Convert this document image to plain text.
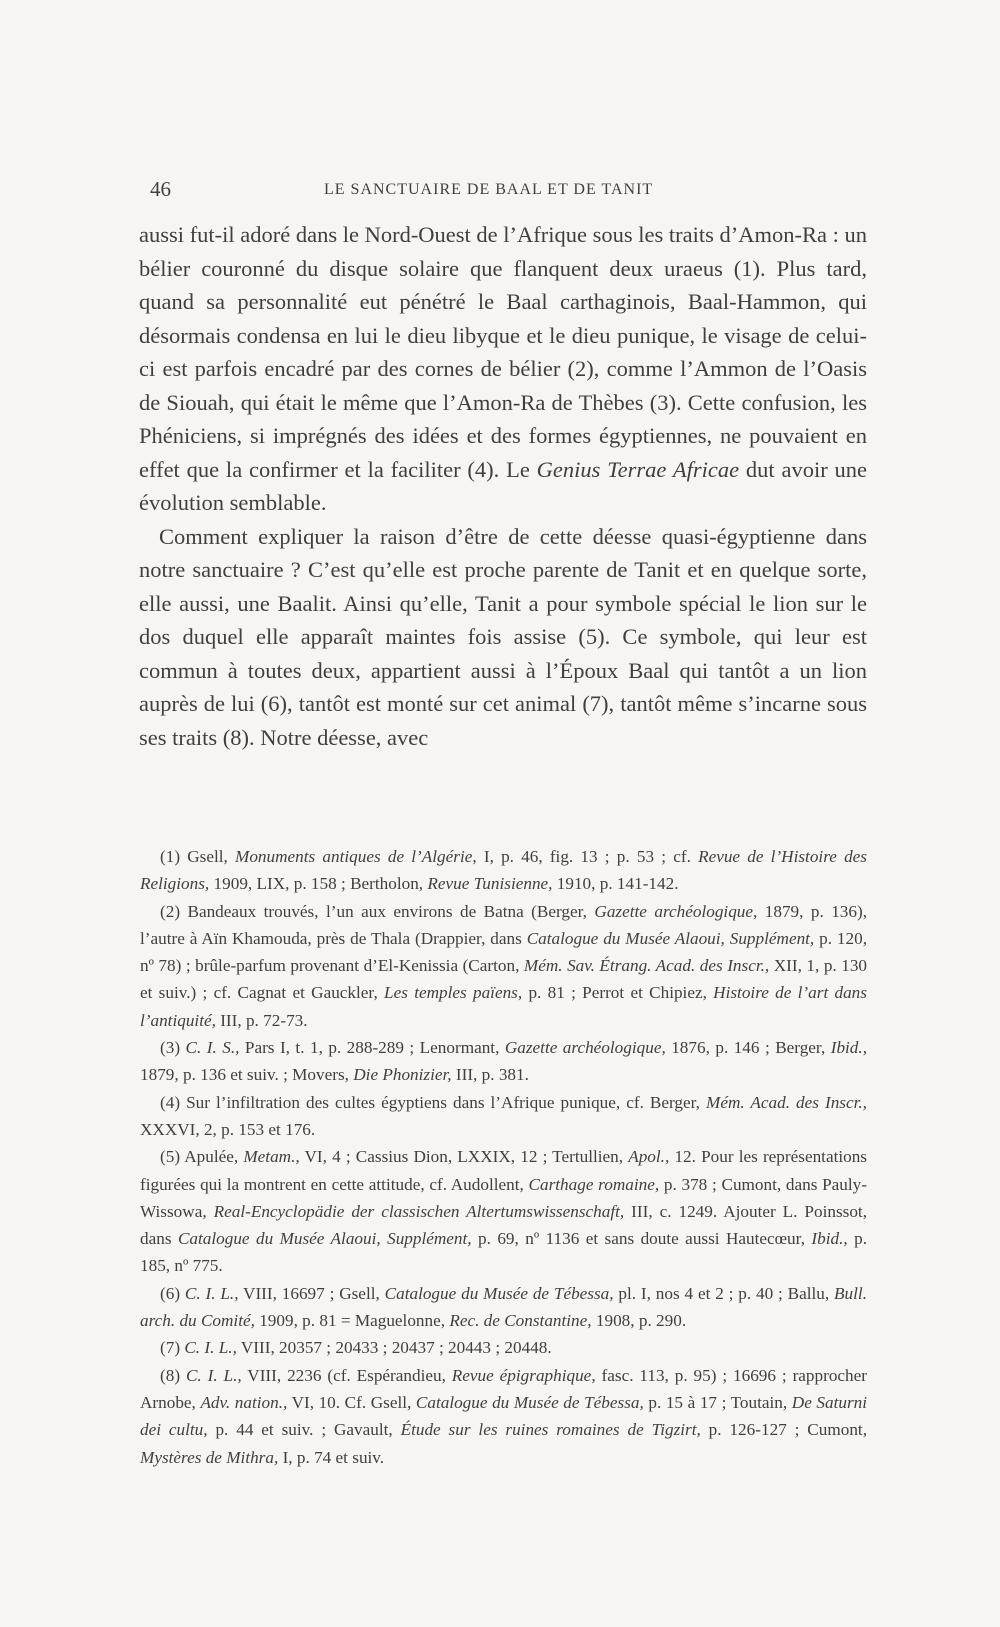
46	LE SANCTUAIRE DE BAAL ET DE TANIT

aussi fut-il adoré dans le Nord-Ouest de l’Afrique sous les traits d’Amon-Ra : un bélier couronné du disque solaire que flanquent deux uraeus (1). Plus tard, quand sa personnalité eut pénétré le Baal carthaginois, Baal-Hammon, qui désormais condensa en lui le dieu libyque et le dieu punique, le visage de celui-ci est parfois encadré par des cornes de bélier (2), comme l’Ammon de l’Oasis de Siouah, qui était le même que l’Amon-Ra de Thèbes (3). Cette confusion, les Phéniciens, si imprégnés des idées et des formes égyptiennes, ne pouvaient en effet que la confirmer et la faciliter (4). Le Genius Terrae Africae dut avoir une évolution semblable.

Comment expliquer la raison d’être de cette déesse quasi-égyptienne dans notre sanctuaire ? C’est qu’elle est proche parente de Tanit et en quelque sorte, elle aussi, une Baalit. Ainsi qu’elle, Tanit a pour symbole spécial le lion sur le dos duquel elle apparaît maintes fois assise (5). Ce symbole, qui leur est commun à toutes deux, appartient aussi à l’Époux Baal qui tantôt a un lion auprès de lui (6), tantôt est monté sur cet animal (7), tantôt même s’incarne sous ses traits (8). Notre déesse, avec

(1) Gsell, Monuments antiques de l’Algérie, I, p. 46, fig. 13 ; p. 53 ; cf. Revue de l’Histoire des Religions, 1909, LIX, p. 158 ; Bertholon, Revue Tunisienne, 1910, p. 141-142.

(2) Bandeaux trouvés, l’un aux environs de Batna (Berger, Gazette archéologique, 1879, p. 136), l’autre à Aïn Khamouda, près de Thala (Drappier, dans Catalogue du Musée Alaoui, Supplément, p. 120, nº 78) ; brûle-parfum provenant d’El-Kenissia (Carton, Mém. Sav. Étrang. Acad. des Inscr., XII, 1, p. 130 et suiv.) ; cf. Cagnat et Gauckler, Les temples païens, p. 81 ; Perrot et Chipiez, Histoire de l’art dans l’antiquité, III, p. 72-73.

(3) C. I. S., Pars I, t. 1, p. 288-289 ; Lenormant, Gazette archéologique, 1876, p. 146 ; Berger, Ibid., 1879, p. 136 et suiv. ; Movers, Die Phonizier, III, p. 381.

(4) Sur l’infiltration des cultes égyptiens dans l’Afrique punique, cf. Berger, Mém. Acad. des Inscr., XXXVI, 2, p. 153 et 176.

(5) Apulée, Metam., VI, 4 ; Cassius Dion, LXXIX, 12 ; Tertullien, Apol., 12. Pour les représentations figurées qui la montrent en cette attitude, cf. Audollent, Carthage romaine, p. 378 ; Cumont, dans Pauly-Wissowa, Real-Encyclopädie der classischen Altertumswissenschaft, III, c. 1249. Ajouter L. Poinssot, dans Catalogue du Musée Alaoui, Supplément, p. 69, nº 1136 et sans doute aussi Hautecœur, Ibid., p. 185, nº 775.

(6) C. I. L., VIII, 16697 ; Gsell, Catalogue du Musée de Tébessa, pl. I, nos 4 et 2 ; p. 40 ; Ballu, Bull. arch. du Comité, 1909, p. 81 = Maguelonne, Rec. de Constantine, 1908, p. 290.

(7) C. I. L., VIII, 20357 ; 20433 ; 20437 ; 20443 ; 20448.

(8) C. I. L., VIII, 2236 (cf. Espérandieu, Revue épigraphique, fasc. 113, p. 95) ; 16696 ; rapprocher Arnobe, Adv. nation., VI, 10. Cf. Gsell, Catalogue du Musée de Tébessa, p. 15 à 17 ; Toutain, De Saturni dei cultu, p. 44 et suiv. ; Gavault, Étude sur les ruines romaines de Tigzirt, p. 126-127 ; Cumont, Mystères de Mithra, I, p. 74 et suiv.
